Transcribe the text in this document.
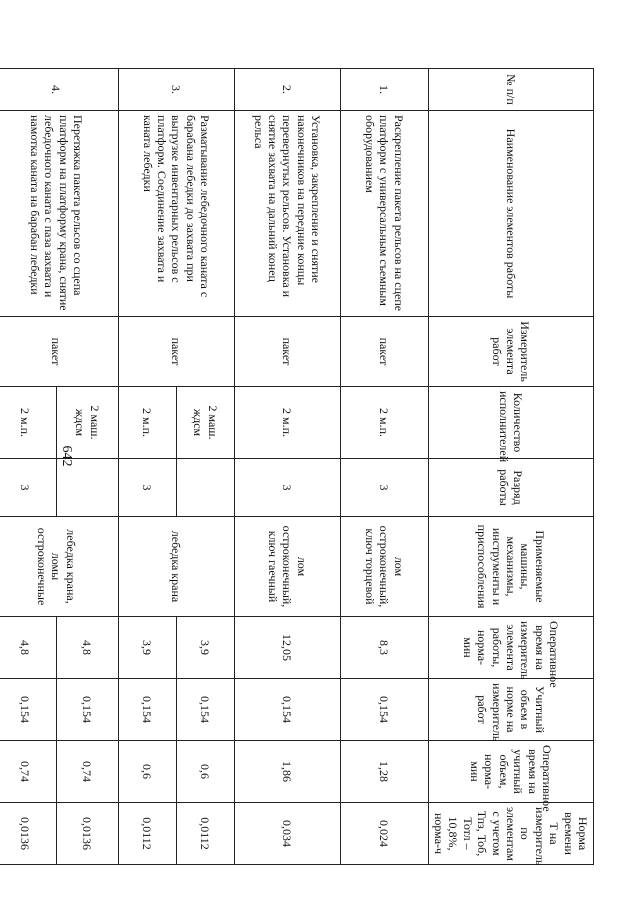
642
№ п/п	Наименование элементов работы	Измеритель элемента работ	Количество исполнителей	Разряд работы	Применяемые машины, механизмы, инструменты и приспособления	Оперативное время на измеритель элемента работы, норма-мин	Учитный объем в норме на измеритель работ	Оперативное время на учитный объем, норма-мин	Норма времени Т на измеритель по элементам с учетом Тпз, Тоб, Тотл – 10,8%, норма-ч
1.	Раскрепление пакета рельсов на сцепе платформ с универсальным съемным оборудованием	пакет	2 м.п.	3	лом остроконечный, ключ торцевой	8,3	0,154	1,28	0,024
2.	Установка, закрепление и снятие наконечников на передние концы перевернутых рельсов. Установка и снятие захвата на дальний конец рельса	пакет	2 м.п.	3	лом остроконечный, ключ гаечный	12,05	0,154	1,86	0,034
3.	Разматывание лебедочного каната с барабана лебедки до захвата при выгрузке инвентарных рельсов с платформ. Соединение захвата и каната лебедки	пакет	2 маш. ждсм		лебедка крана	3,9	0,154	0,6	0,0112
			2 м.п.	3		3,9	0,154	0,6	0,0112
4.	Перетяжка пакета рельсов со сцепа платформ на платформу крана, снятие лебедочного каната с паза захвата и намотка каната на барабан лебедки	пакет	2 маш. ждсм		лебедка крана, ломы остроконечные	4,8	0,154	0,74	0,0136
			2 м.п.	3		4,8	0,154	0,74	0,0136
